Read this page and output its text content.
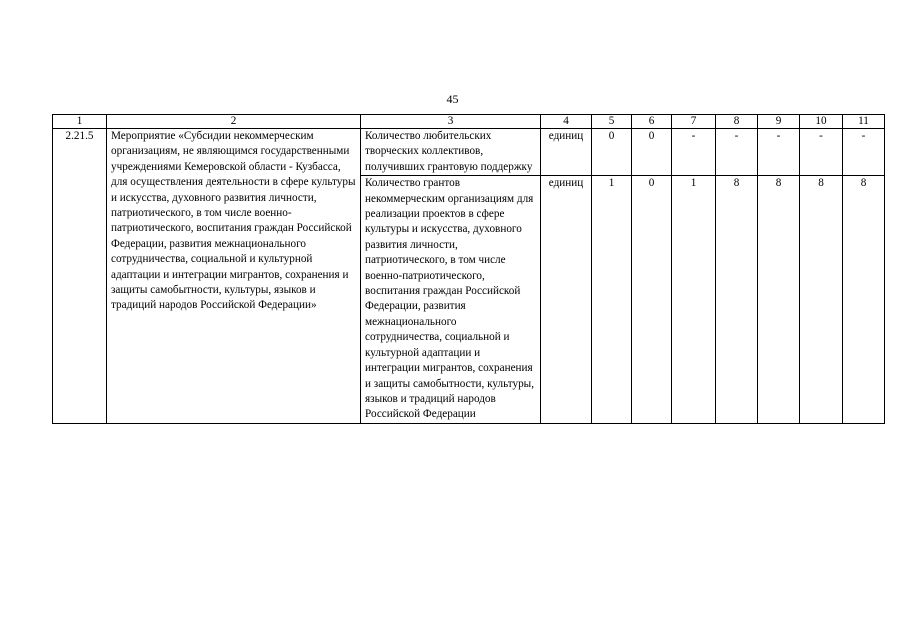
45
1	2	3	4	5	6	7	8	9	10	11
2.21.5	Мероприятие «Субсидии некоммерческим организациям, не являющимся государственными учреждениями Кемеровской области - Кузбасса, для осуществления деятельности в сфере культуры и искусства, духовного развития личности, патриотического, в том числе военно-патриотического, воспитания граждан Российской Федерации, развития межнационального сотрудничества, социальной и культурной адаптации и интеграции мигрантов, сохранения и защиты самобытности, культуры, языков и традиций народов Российской Федерации»	Количество любительских творческих коллективов, получивших грантовую поддержку	единиц	0	0	-	-	-	-	-
		Количество грантов некоммерческим организациям для реализации проектов в сфере культуры и искусства, духовного развития личности, патриотического, в том числе военно-патриотического, воспитания граждан Российской Федерации, развития межнационального сотрудничества, социальной и культурной адаптации и интеграции мигрантов, сохранения и защиты самобытности, культуры, языков и традиций народов Российской Федерации	единиц	1	0	1	8	8	8	8
